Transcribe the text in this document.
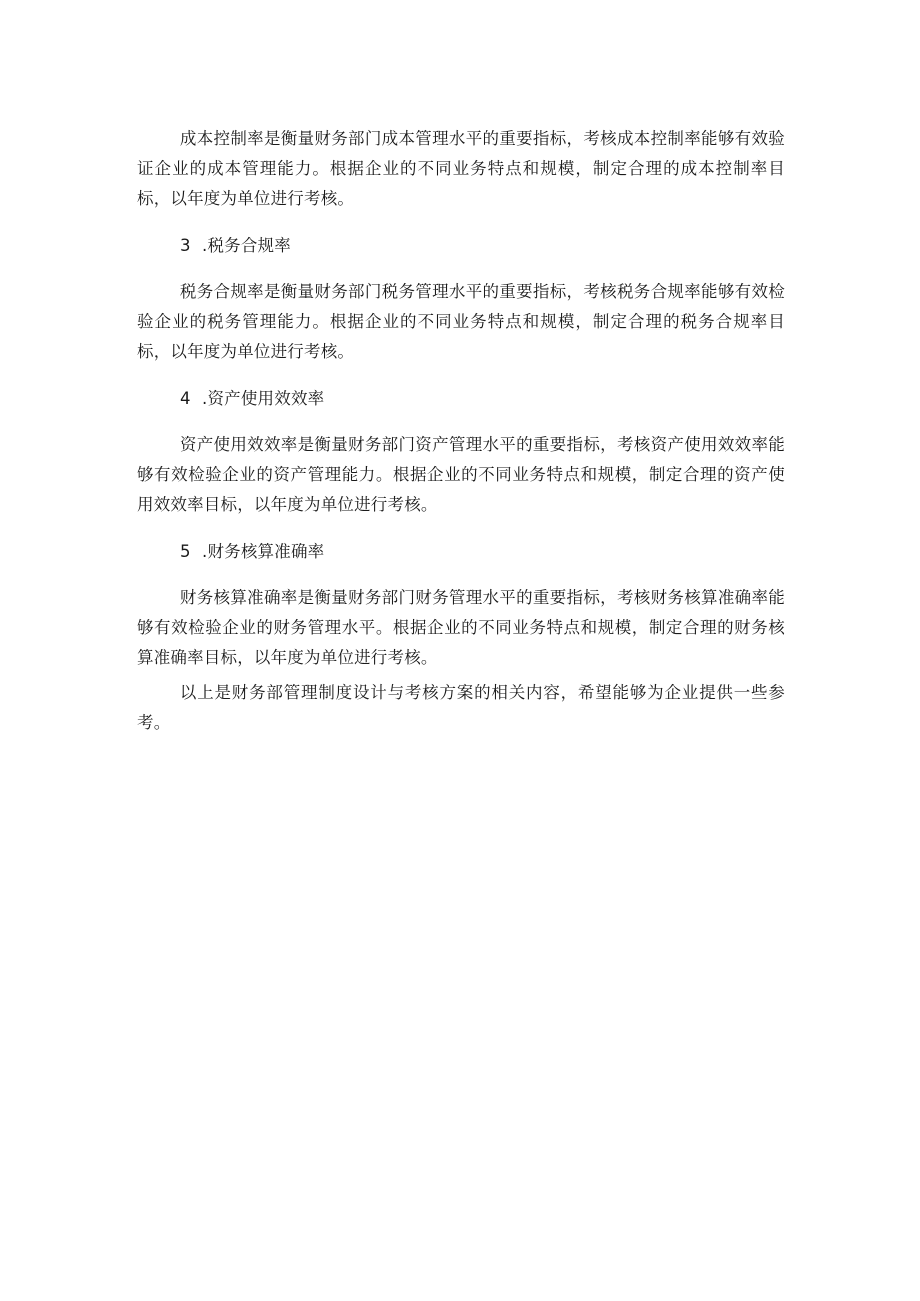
成本控制率是衡量财务部门成本管理水平的重要指标，考核成本控制率能够有效验证企业的成本管理能力。根据企业的不同业务特点和规模，制定合理的成本控制率目标，以年度为单位进行考核。

3 .税务合规率

税务合规率是衡量财务部门税务管理水平的重要指标，考核税务合规率能够有效检验企业的税务管理能力。根据企业的不同业务特点和规模，制定合理的税务合规率目标，以年度为单位进行考核。

4 .资产使用效效率

资产使用效效率是衡量财务部门资产管理水平的重要指标，考核资产使用效效率能够有效检验企业的资产管理能力。根据企业的不同业务特点和规模，制定合理的资产使用效效率目标，以年度为单位进行考核。

5 .财务核算准确率

财务核算准确率是衡量财务部门财务管理水平的重要指标，考核财务核算准确率能够有效检验企业的财务管理水平。根据企业的不同业务特点和规模，制定合理的财务核算准确率目标，以年度为单位进行考核。

以上是财务部管理制度设计与考核方案的相关内容，希望能够为企业提供一些参考。
